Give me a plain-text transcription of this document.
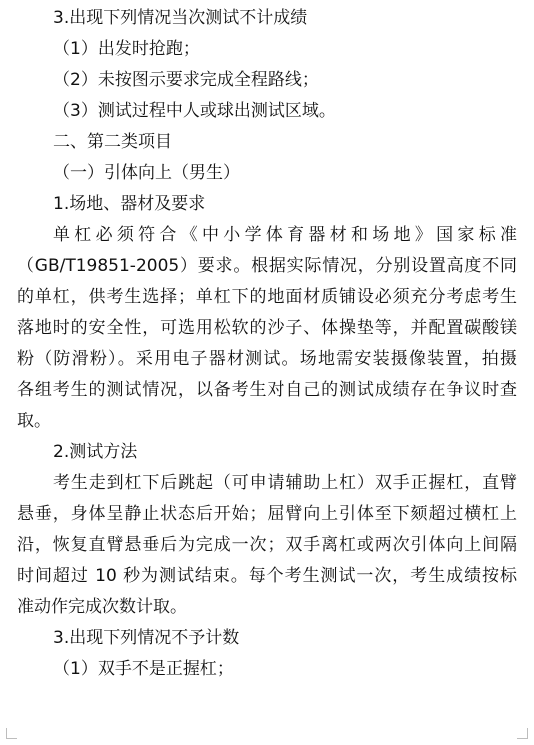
3.出现下列情况当次测试不计成绩
（1）出发时抢跑；
（2）未按图示要求完成全程路线；
（3）测试过程中人或球出测试区域。
二、第二类项目
（一）引体向上（男生）
1.场地、器材及要求
单杠必须符合《中小学体育器材和场地》国家标准
（GB/T19851-2005）要求。根据实际情况，分别设置高度不同
的单杠，供考生选择；单杠下的地面材质铺设必须充分考虑考生
落地时的安全性，可选用松软的沙子、体操垫等，并配置碳酸镁
粉（防滑粉）。采用电子器材测试。场地需安装摄像装置，拍摄
各组考生的测试情况，以备考生对自己的测试成绩存在争议时查
取。
2.测试方法
考生走到杠下后跳起（可申请辅助上杠）双手正握杠，直臂
悬垂，身体呈静止状态后开始；屈臂向上引体至下颏超过横杠上
沿，恢复直臂悬垂后为完成一次；双手离杠或两次引体向上间隔
时间超过 10 秒为测试结束。每个考生测试一次，考生成绩按标
准动作完成次数计取。
3.出现下列情况不予计数
（1）双手不是正握杠；
